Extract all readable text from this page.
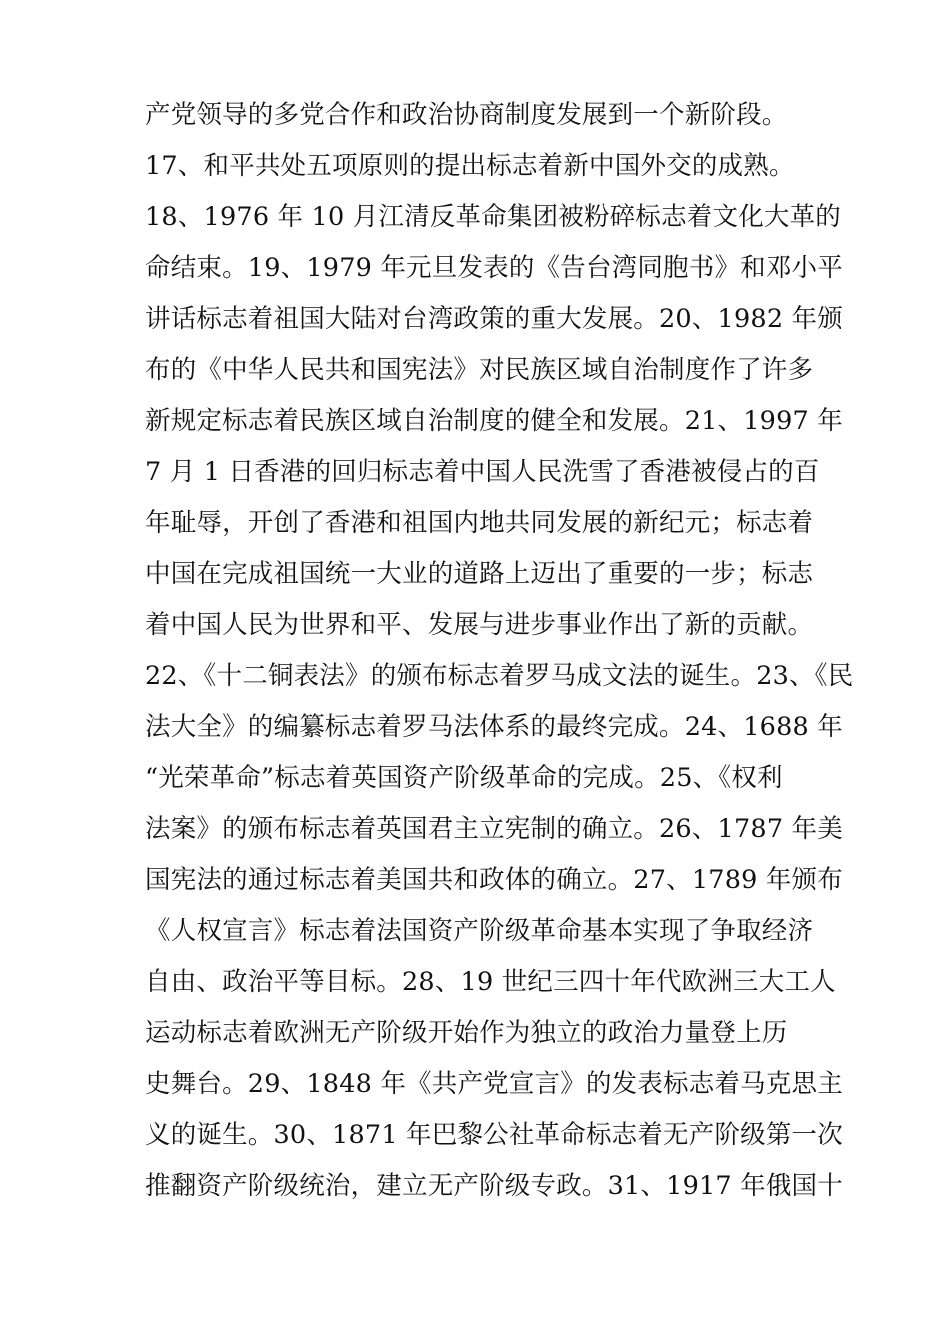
产党领导的多党合作和政治协商制度发展到一个新阶段。
17、和平共处五项原则的提出标志着新中国外交的成熟。
18、1976 年 10 月江清反革命集团被粉碎标志着文化大革的
命结束。19、1979 年元旦发表的《告台湾同胞书》和邓小平
讲话标志着祖国大陆对台湾政策的重大发展。20、1982 年颁
布的《中华人民共和国宪法》对民族区域自治制度作了许多
新规定标志着民族区域自治制度的健全和发展。21、1997 年
7 月 1 日香港的回归标志着中国人民洗雪了香港被侵占的百
年耻辱，开创了香港和祖国内地共同发展的新纪元；标志着
中国在完成祖国统一大业的道路上迈出了重要的一步；标志
着中国人民为世界和平、发展与进步事业作出了新的贡献。
22、《十二铜表法》的颁布标志着罗马成文法的诞生。23、《民
法大全》的编纂标志着罗马法体系的最终完成。24、1688 年
“光荣革命”标志着英国资产阶级革命的完成。25、《权利
法案》的颁布标志着英国君主立宪制的确立。26、1787 年美
国宪法的通过标志着美国共和政体的确立。27、1789 年颁布
《人权宣言》标志着法国资产阶级革命基本实现了争取经济
自由、政治平等目标。28、19 世纪三四十年代欧洲三大工人
运动标志着欧洲无产阶级开始作为独立的政治力量登上历
史舞台。29、1848 年《共产党宣言》的发表标志着马克思主
义的诞生。30、1871 年巴黎公社革命标志着无产阶级第一次
推翻资产阶级统治，建立无产阶级专政。31、1917 年俄国十
